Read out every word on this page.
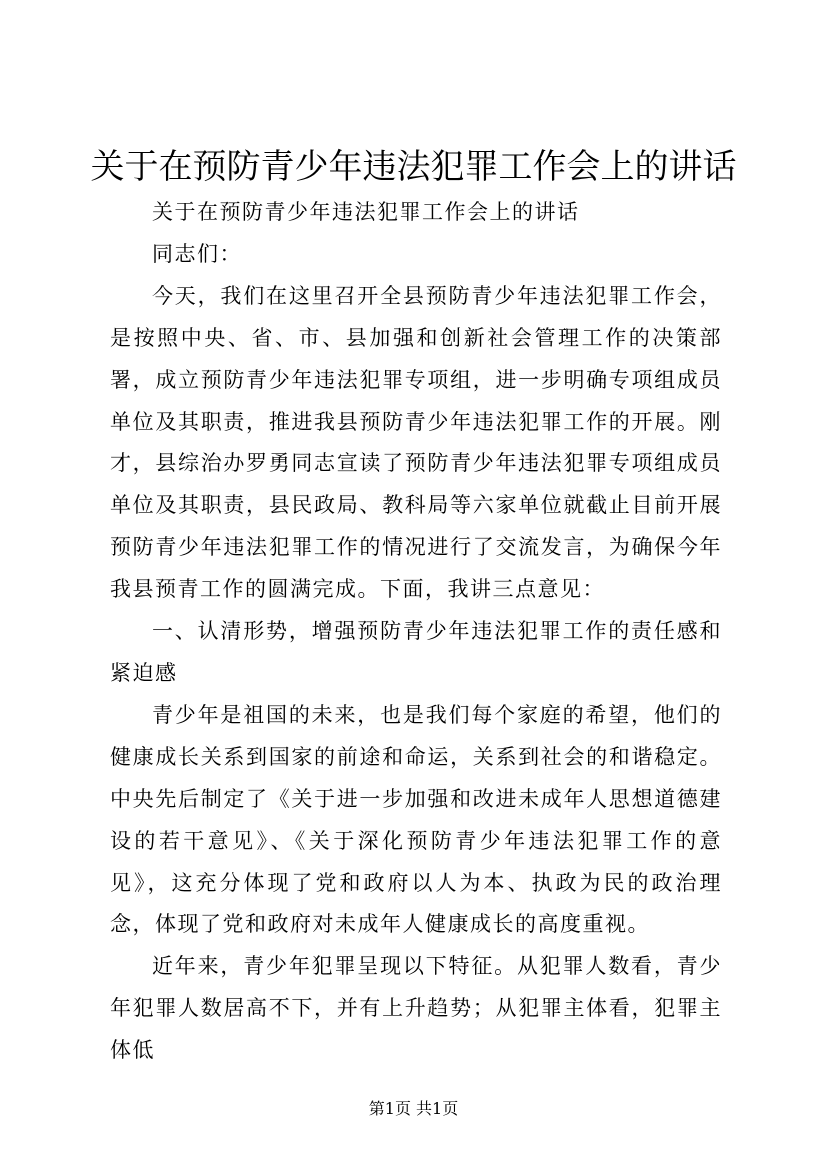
关于在预防青少年违法犯罪工作会上的讲话

关于在预防青少年违法犯罪工作会上的讲话

同志们：

今天，我们在这里召开全县预防青少年违法犯罪工作会，是按照中央、省、市、县加强和创新社会管理工作的决策部署，成立预防青少年违法犯罪专项组，进一步明确专项组成员单位及其职责，推进我县预防青少年违法犯罪工作的开展。刚才，县综治办罗勇同志宣读了预防青少年违法犯罪专项组成员单位及其职责，县民政局、教科局等六家单位就截止目前开展预防青少年违法犯罪工作的情况进行了交流发言，为确保今年我县预青工作的圆满完成。下面，我讲三点意见：

一、认清形势，增强预防青少年违法犯罪工作的责任感和紧迫感

青少年是祖国的未来，也是我们每个家庭的希望，他们的健康成长关系到国家的前途和命运，关系到社会的和谐稳定。中央先后制定了《关于进一步加强和改进未成年人思想道德建设的若干意见》、《关于深化预防青少年违法犯罪工作的意见》，这充分体现了党和政府以人为本、执政为民的政治理念，体现了党和政府对未成年人健康成长的高度重视。

近年来，青少年犯罪呈现以下特征。从犯罪人数看，青少年犯罪人数居高不下，并有上升趋势；从犯罪主体看，犯罪主体低

第1页 共1页
